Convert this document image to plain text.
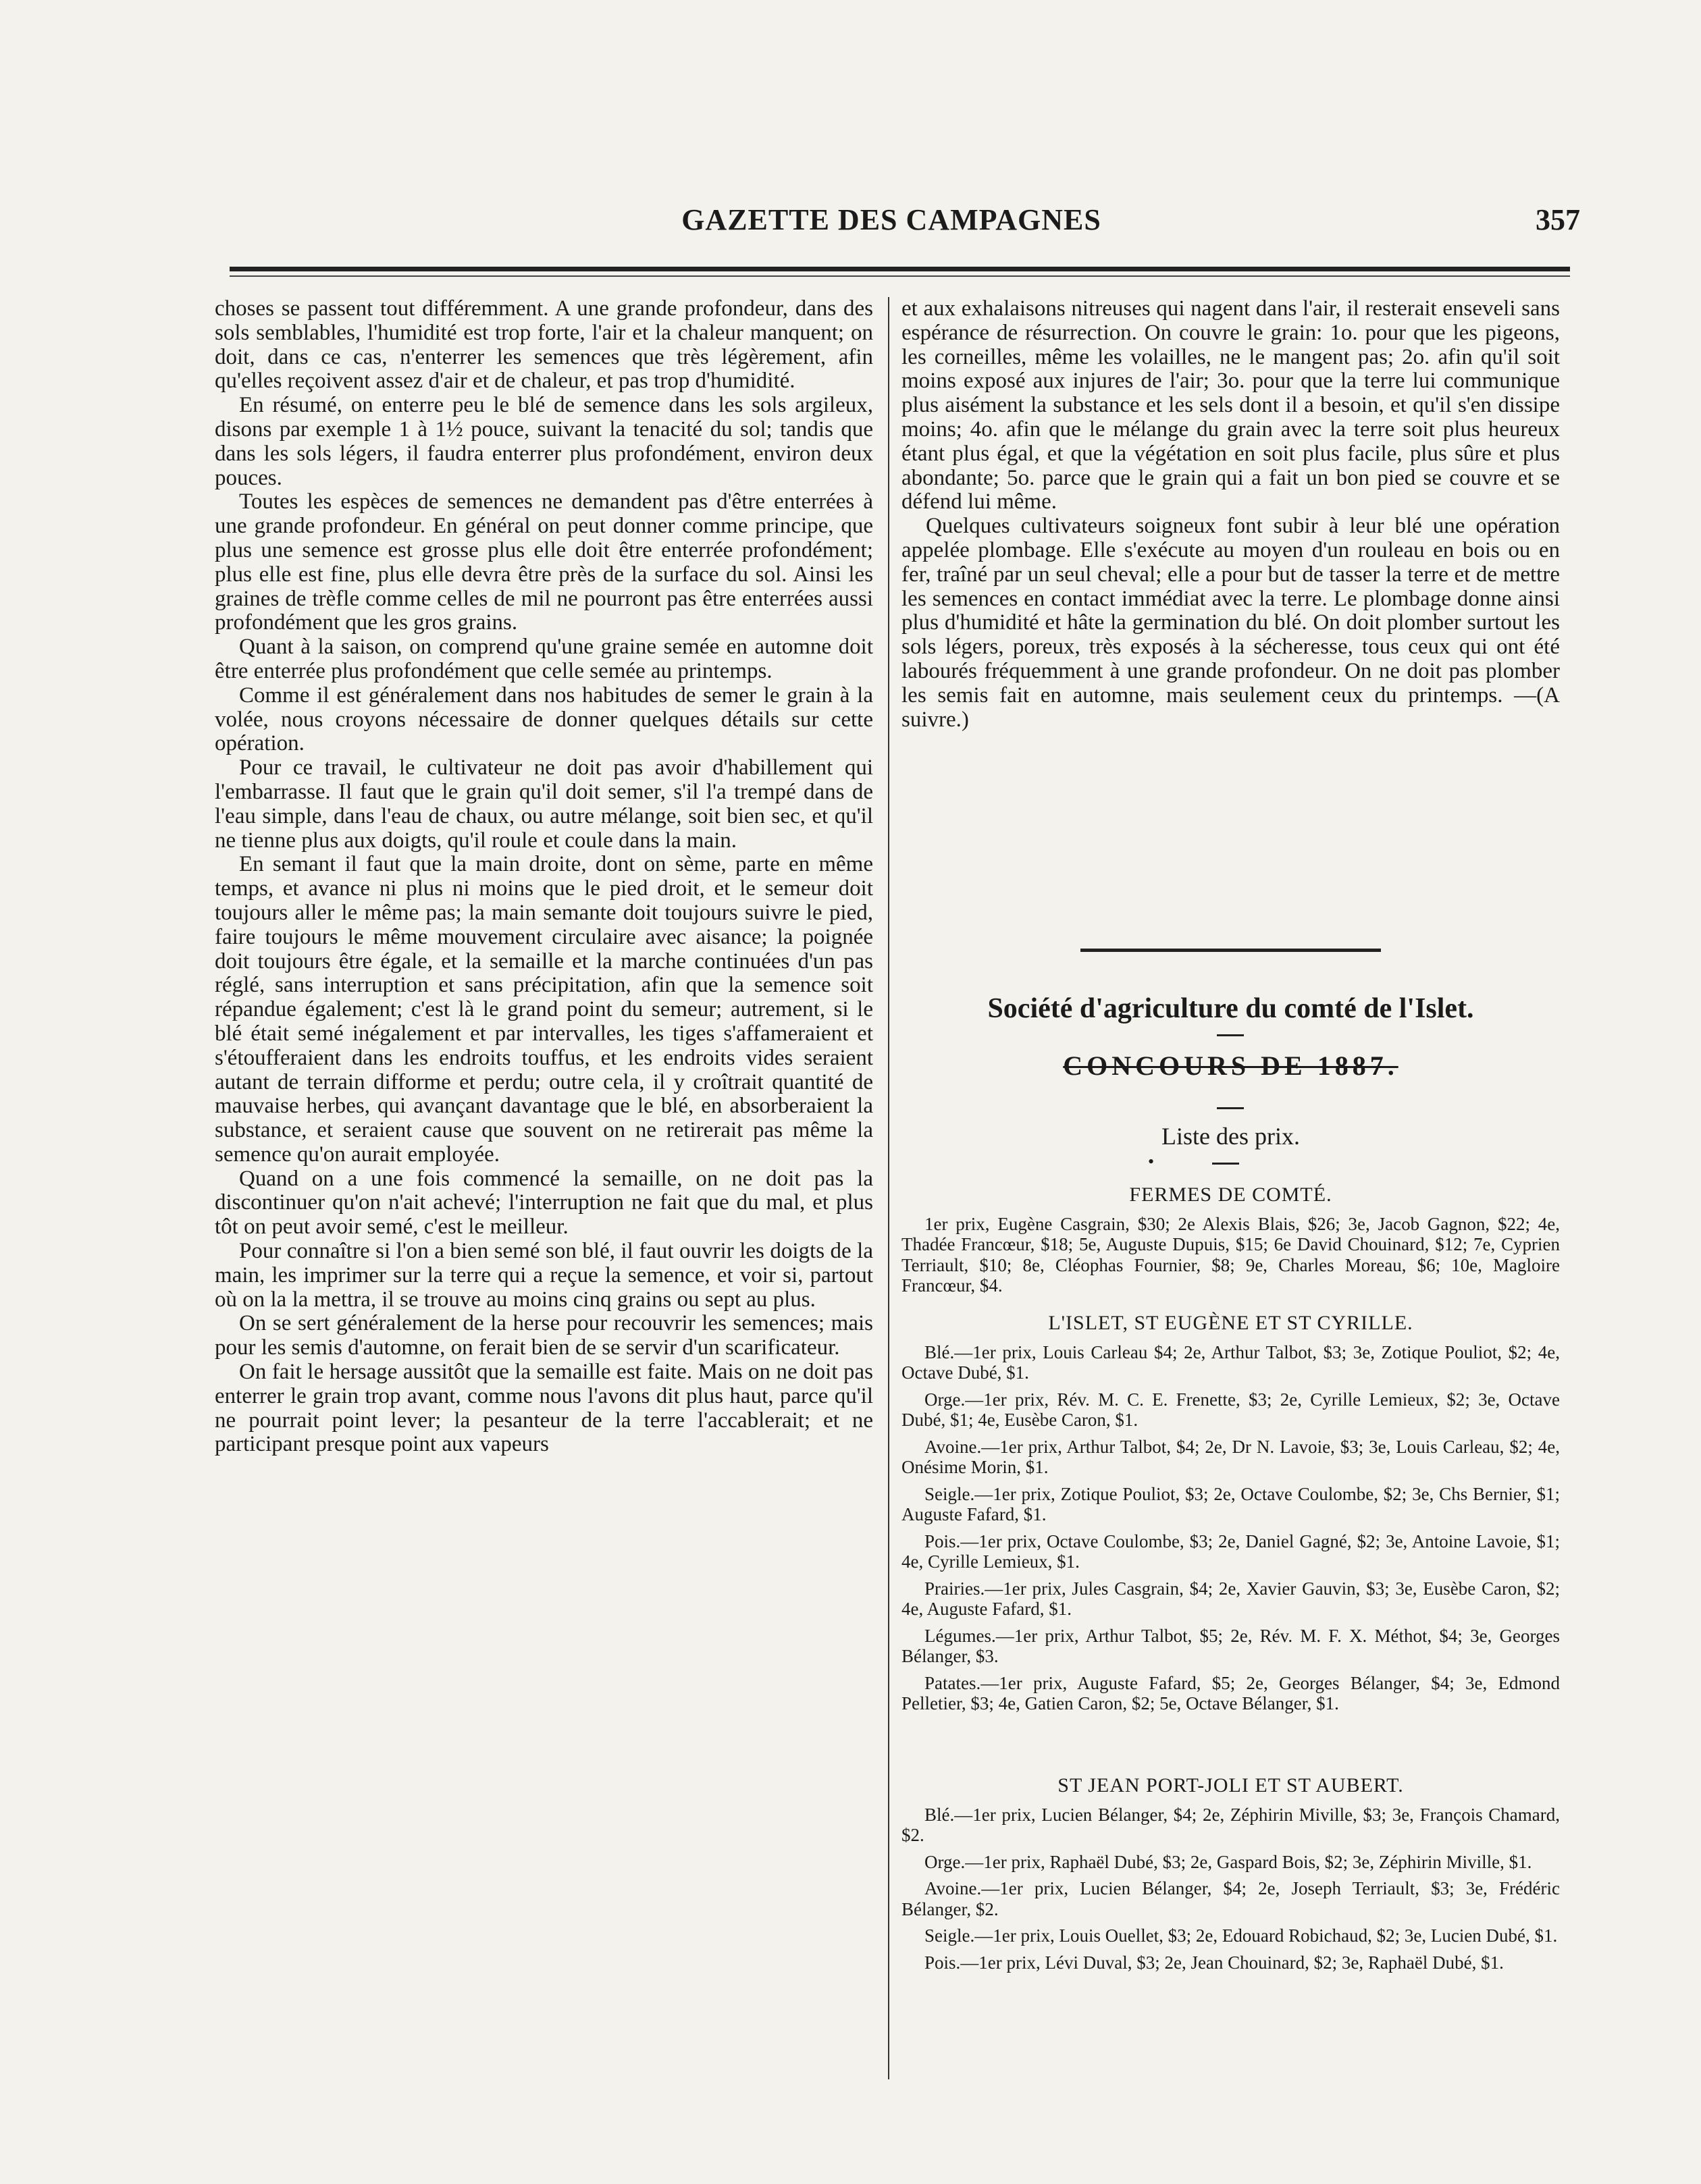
GAZETTE DES CAMPAGNES	357

choses se passent tout différemment. A une grande profondeur, dans des sols semblables, l'humidité est trop forte, l'air et la chaleur manquent; on doit, dans ce cas, n'enterrer les semences que très légèrement, afin qu'elles reçoivent assez d'air et de chaleur, et pas trop d'humidité.

En résumé, on enterre peu le blé de semence dans les sols argileux, disons par exemple 1 à 1½ pouce, suivant la tenacité du sol; tandis que dans les sols légers, il faudra enterrer plus profondément, environ deux pouces.

Toutes les espèces de semences ne demandent pas d'être enterrées à une grande profondeur. En général on peut donner comme principe, que plus une semence est grosse plus elle doit être enterrée profondément; plus elle est fine, plus elle devra être près de la surface du sol. Ainsi les graines de trèfle comme celles de mil ne pourront pas être enterrées aussi profondément que les gros grains.

Quant à la saison, on comprend qu'une graine semée en automne doit être enterrée plus profondément que celle semée au printemps.

Comme il est généralement dans nos habitudes de semer le grain à la volée, nous croyons nécessaire de donner quelques détails sur cette opération.

Pour ce travail, le cultivateur ne doit pas avoir d'habillement qui l'embarrasse. Il faut que le grain qu'il doit semer, s'il l'a trempé dans de l'eau simple, dans l'eau de chaux, ou autre mélange, soit bien sec, et qu'il ne tienne plus aux doigts, qu'il roule et coule dans la main.

En semant il faut que la main droite, dont on sème, parte en même temps, et avance ni plus ni moins que le pied droit, et le semeur doit toujours aller le même pas; la main semante doit toujours suivre le pied, faire toujours le même mouvement circulaire avec aisance; la poignée doit toujours être égale, et la semaille et la marche continuées d'un pas réglé, sans interruption et sans précipitation, afin que la semence soit répandue également; c'est là le grand point du semeur; autrement, si le blé était semé inégalement et par intervalles, les tiges s'affameraient et s'étoufferaient dans les endroits touffus, et les endroits vides seraient autant de terrain difforme et perdu; outre cela, il y croîtrait quantité de mauvaise herbes, qui avançant davantage que le blé, en absorberaient la substance, et seraient cause que souvent on ne retirerait pas même la semence qu'on aurait employée.

Quand on a une fois commencé la semaille, on ne doit pas la discontinuer qu'on n'ait achevé; l'interruption ne fait que du mal, et plus tôt on peut avoir semé, c'est le meilleur.

Pour connaître si l'on a bien semé son blé, il faut ouvrir les doigts de la main, les imprimer sur la terre qui a reçue la semence, et voir si, partout où on la la mettra, il se trouve au moins cinq grains ou sept au plus.

On se sert généralement de la herse pour recouvrir les semences; mais pour les semis d'automne, on ferait bien de se servir d'un scarificateur.

On fait le hersage aussitôt que la semaille est faite. Mais on ne doit pas enterrer le grain trop avant, comme nous l'avons dit plus haut, parce qu'il ne pourrait point lever; la pesanteur de la terre l'accablerait; et ne participant presque point aux vapeurs

et aux exhalaisons nitreuses qui nagent dans l'air, il resterait enseveli sans espérance de résurrection. On couvre le grain: 1o. pour que les pigeons, les corneilles, même les volailles, ne le mangent pas; 2o. afin qu'il soit moins exposé aux injures de l'air; 3o. pour que la terre lui communique plus aisément la substance et les sels dont il a besoin, et qu'il s'en dissipe moins; 4o. afin que le mélange du grain avec la terre soit plus heureux étant plus égal, et que la végétation en soit plus facile, plus sûre et plus abondante; 5o. parce que le grain qui a fait un bon pied se couvre et se défend lui même.

Quelques cultivateurs soigneux font subir à leur blé une opération appelée plombage. Elle s'exécute au moyen d'un rouleau en bois ou en fer, traîné par un seul cheval; elle a pour but de tasser la terre et de mettre les semences en contact immédiat avec la terre. Le plombage donne ainsi plus d'humidité et hâte la germination du blé. On doit plomber surtout les sols légers, poreux, très exposés à la sécheresse, tous ceux qui ont été labourés fréquemment à une grande profondeur. On ne doit pas plomber les semis fait en automne, mais seulement ceux du printemps. —(A suivre.)

Société d'agriculture du comté de l'Islet.
CONCOURS DE 1887.
Liste des prix.
•
FERMES DE COMTÉ.

1er prix, Eugène Casgrain, $30; 2e Alexis Blais, $26; 3e, Jacob Gagnon, $22; 4e, Thadée Francœur, $18; 5e, Auguste Dupuis, $15; 6e David Chouinard, $12; 7e, Cyprien Terriault, $10; 8e, Cléophas Fournier, $8; 9e, Charles Moreau, $6; 10e, Magloire Francœur, $4.

L'ISLET, ST EUGÈNE ET ST CYRILLE.

Blé.—1er prix, Louis Carleau $4; 2e, Arthur Talbot, $3; 3e, Zotique Pouliot, $2; 4e, Octave Dubé, $1.

Orge.—1er prix, Rév. M. C. E. Frenette, $3; 2e, Cyrille Lemieux, $2; 3e, Octave Dubé, $1; 4e, Eusèbe Caron, $1.

Avoine.—1er prix, Arthur Talbot, $4; 2e, Dr N. Lavoie, $3; 3e, Louis Carleau, $2; 4e, Onésime Morin, $1.

Seigle.—1er prix, Zotique Pouliot, $3; 2e, Octave Coulombe, $2; 3e, Chs Bernier, $1; Auguste Fafard, $1.

Pois.—1er prix, Octave Coulombe, $3; 2e, Daniel Gagné, $2; 3e, Antoine Lavoie, $1; 4e, Cyrille Lemieux, $1.

Prairies.—1er prix, Jules Casgrain, $4; 2e, Xavier Gauvin, $3; 3e, Eusèbe Caron, $2; 4e, Auguste Fafard, $1.

Légumes.—1er prix, Arthur Talbot, $5; 2e, Rév. M. F. X. Méthot, $4; 3e, Georges Bélanger, $3.

Patates.—1er prix, Auguste Fafard, $5; 2e, Georges Bélanger, $4; 3e, Edmond Pelletier, $3; 4e, Gatien Caron, $2; 5e, Octave Bélanger, $1.

ST JEAN PORT-JOLI ET ST AUBERT.

Blé.—1er prix, Lucien Bélanger, $4; 2e, Zéphirin Miville, $3; 3e, François Chamard, $2.

Orge.—1er prix, Raphaël Dubé, $3; 2e, Gaspard Bois, $2; 3e, Zéphirin Miville, $1.

Avoine.—1er prix, Lucien Bélanger, $4; 2e, Joseph Terriault, $3; 3e, Frédéric Bélanger, $2.

Seigle.—1er prix, Louis Ouellet, $3; 2e, Edouard Robichaud, $2; 3e, Lucien Dubé, $1.

Pois.—1er prix, Lévi Duval, $3; 2e, Jean Chouinard, $2; 3e, Raphaël Dubé, $1.
